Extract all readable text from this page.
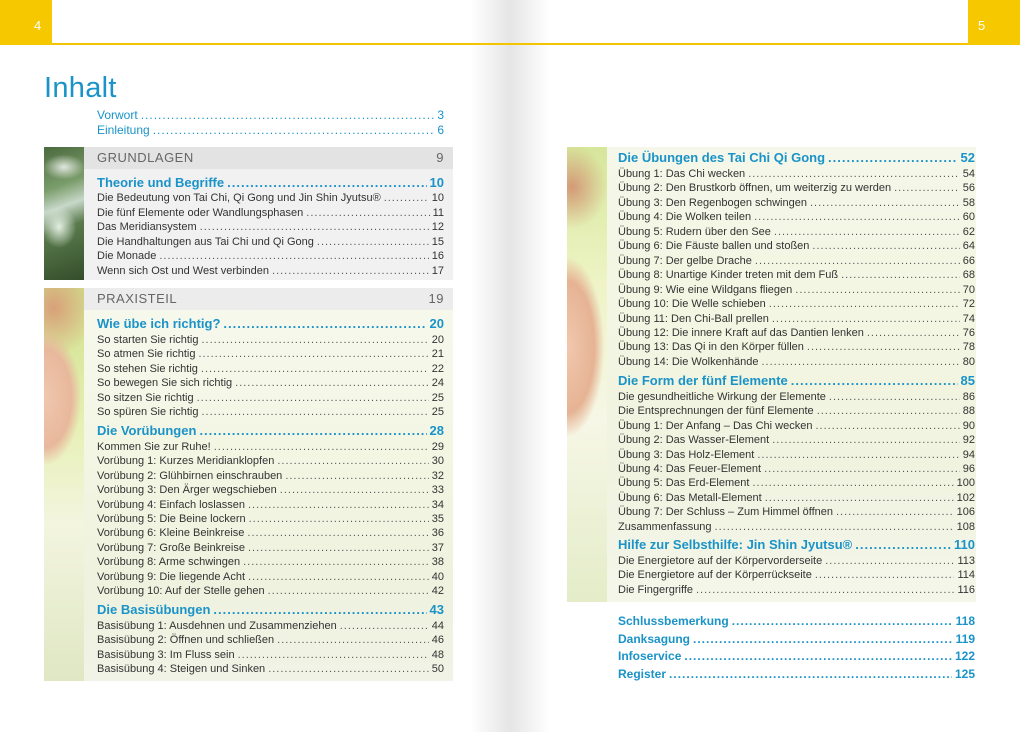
4
Inhalt
Vorwort .....	3
Einleitung .....	6
GRUNDLAGEN	9
Theorie und Begriffe .....	10
Die Bedeutung von Tai Chi, Qi Gong und Jin Shin Jyutsu® .....	10
Die fünf Elemente oder Wandlungsphasen .....	11
Das Meridiansystem .....	12
Die Handhaltungen aus Tai Chi und Qi Gong .....	15
Die Monade .....	16
Wenn sich Ost und West verbinden .....	17
PRAXISTEIL	19
Wie übe ich richtig? .....	20
So starten Sie richtig .....	20
So atmen Sie richtig .....	21
So stehen Sie richtig .....	22
So bewegen Sie sich richtig .....	24
So sitzen Sie richtig .....	25
So spüren Sie richtig .....	25
Die Vorübungen .....	28
Kommen Sie zur Ruhe! .....	29
Vorübung 1: Kurzes Meridianklopfen .....	30
Vorübung 2: Glühbirnen einschrauben .....	32
Vorübung 3: Den Ärger wegschieben .....	33
Vorübung 4: Einfach loslassen .....	34
Vorübung 5: Die Beine lockern .....	35
Vorübung 6: Kleine Beinkreise .....	36
Vorübung 7: Große Beinkreise .....	37
Vorübung 8: Arme schwingen .....	38
Vorübung 9: Die liegende Acht .....	40
Vorübung 10: Auf der Stelle gehen .....	42
Die Basisübungen .....	43
Basisübung 1: Ausdehnen und Zusammenziehen .....	44
Basisübung 2: Öffnen und schließen .....	46
Basisübung 3: Im Fluss sein .....	48
Basisübung 4: Steigen und Sinken .....	50
5
Die Übungen des Tai Chi Qi Gong .....	52
Übung 1: Das Chi wecken .....	54
Übung 2: Den Brustkorb öffnen, um weiterzig zu werden .....	56
Übung 3: Den Regenbogen schwingen .....	58
Übung 4: Die Wolken teilen .....	60
Übung 5: Rudern über den See .....	62
Übung 6: Die Fäuste ballen und stoßen .....	64
Übung 7: Der gelbe Drache .....	66
Übung 8: Unartige Kinder treten mit dem Fuß .....	68
Übung 9: Wie eine Wildgans fliegen .....	70
Übung 10: Die Welle schieben .....	72
Übung 11: Den Chi-Ball prellen .....	74
Übung 12: Die innere Kraft auf das Dantien lenken .....	76
Übung 13: Das Qi in den Körper füllen .....	78
Übung 14: Die Wolkenhände .....	80
Die Form der fünf Elemente .....	85
Die gesundheitliche Wirkung der Elemente .....	86
Die Entsprechnungen der fünf Elemente .....	88
Übung 1: Der Anfang – Das Chi wecken .....	90
Übung 2: Das Wasser-Element .....	92
Übung 3: Das Holz-Element .....	94
Übung 4: Das Feuer-Element .....	96
Übung 5: Das Erd-Element .....	100
Übung 6: Das Metall-Element .....	102
Übung 7: Der Schluss – Zum Himmel öffnen .....	106
Zusammenfassung .....	108
Hilfe zur Selbsthilfe: Jin Shin Jyutsu® .....	110
Die Energietore auf der Körpervorderseite .....	113
Die Energietore auf der Körperrückseite .....	114
Die Fingergriffe .....	116
Schlussbemerkung .....	118
Danksagung .....	119
Infoservice .....	122
Register .....	125
